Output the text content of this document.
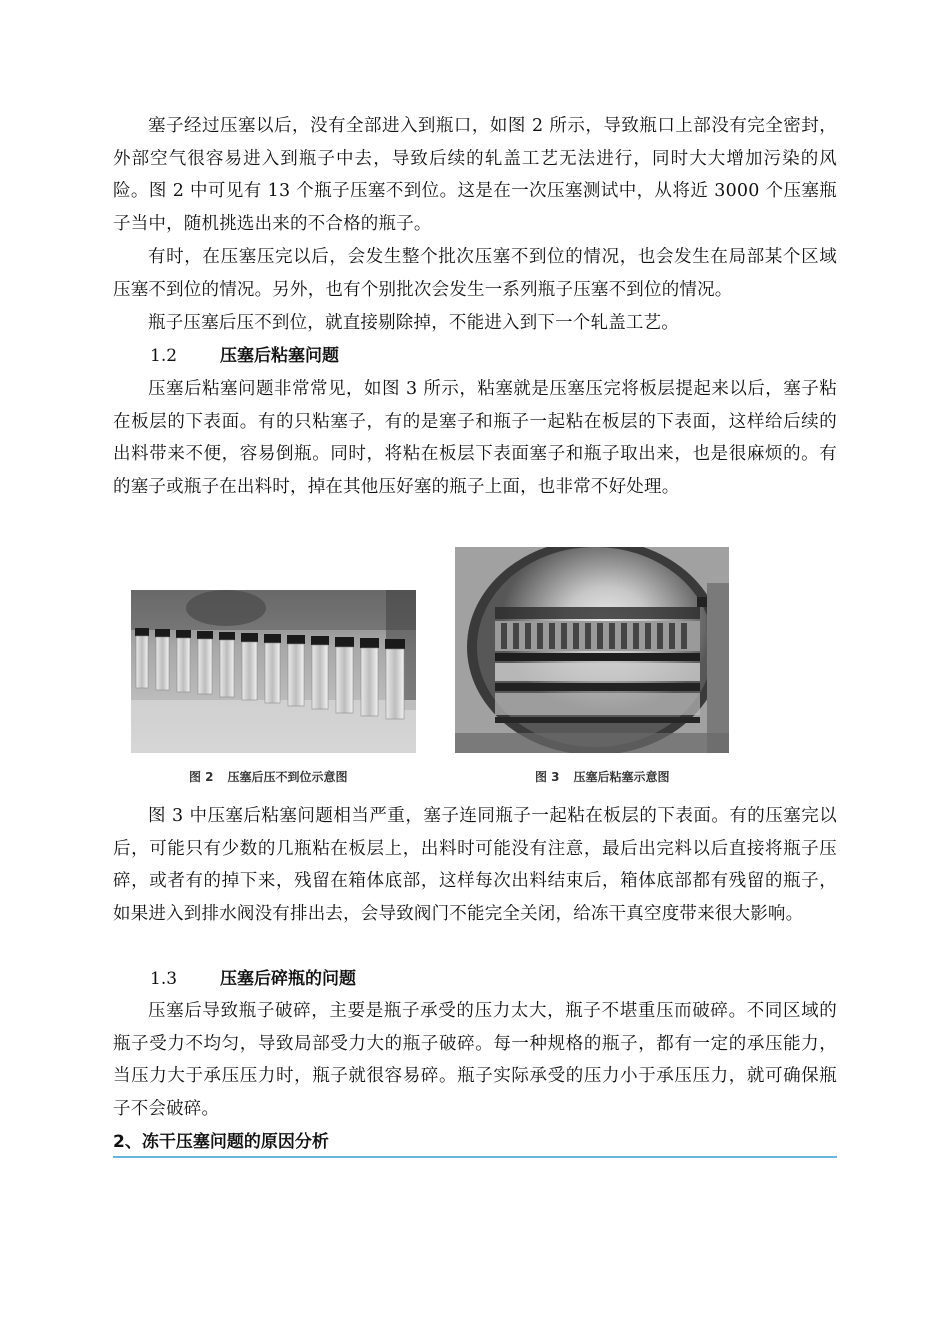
塞子经过压塞以后，没有全部进入到瓶口，如图 2 所示，导致瓶口上部没有完全密封，外部空气很容易进入到瓶子中去，导致后续的轧盖工艺无法进行，同时大大增加污染的风险。图 2 中可见有 13 个瓶子压塞不到位。这是在一次压塞测试中，从将近 3000 个压塞瓶子当中，随机挑选出来的不合格的瓶子。

有时，在压塞压完以后，会发生整个批次压塞不到位的情况，也会发生在局部某个区域压塞不到位的情况。另外，也有个别批次会发生一系列瓶子压塞不到位的情况。

瓶子压塞后压不到位，就直接剔除掉，不能进入到下一个轧盖工艺。

1.2	压塞后粘塞问题

压塞后粘塞问题非常常见，如图 3 所示，粘塞就是压塞压完将板层提起来以后，塞子粘在板层的下表面。有的只粘塞子，有的是塞子和瓶子一起粘在板层的下表面，这样给后续的出料带来不便，容易倒瓶。同时，将粘在板层下表面塞子和瓶子取出来，也是很麻烦的。有的塞子或瓶子在出料时，掉在其他压好塞的瓶子上面，也非常不好处理。

图 2 压塞后压不到位示意图	图 3 压塞后粘塞示意图

图 3 中压塞后粘塞问题相当严重，塞子连同瓶子一起粘在板层的下表面。有的压塞完以后，可能只有少数的几瓶粘在板层上，出料时可能没有注意，最后出完料以后直接将瓶子压碎，或者有的掉下来，残留在箱体底部，这样每次出料结束后，箱体底部都有残留的瓶子，如果进入到排水阀没有排出去，会导致阀门不能完全关闭，给冻干真空度带来很大影响。

1.3	压塞后碎瓶的问题

压塞后导致瓶子破碎，主要是瓶子承受的压力太大，瓶子不堪重压而破碎。不同区域的瓶子受力不均匀，导致局部受力大的瓶子破碎。每一种规格的瓶子，都有一定的承压能力，当压力大于承压压力时，瓶子就很容易碎。瓶子实际承受的压力小于承压压力，就可确保瓶子不会破碎。

2、冻干压塞问题的原因分析
